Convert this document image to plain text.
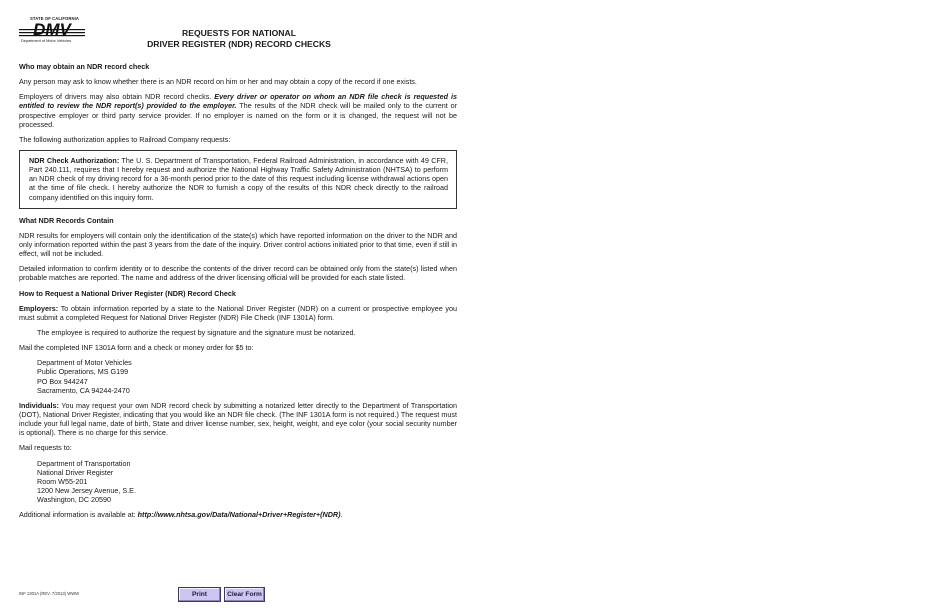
STATE OF CALIFORNIA
DMV
Department of Motor Vehicles
REQUESTS FOR NATIONAL
DRIVER REGISTER (NDR) RECORD CHECKS
Who may obtain an NDR record check

Any person may ask to know whether there is an NDR record on him or her and may obtain a copy of the record if one exists.

Employers of drivers may also obtain NDR record checks. Every driver or operator on whom an NDR file check is requested is entitled to review the NDR report(s) provided to the employer. The results of the NDR check will be mailed only to the current or prospective employer or third party service provider. If no employer is named on the form or it is changed, the request will not be processed.

The following authorization applies to Railroad Company requests:

NDR Check Authorization: The U. S. Department of Transportation, Federal Railroad Administration, in accordance with 49 CFR, Part 240.111, requires that I hereby request and authorize the National Highway Traffic Safety Administration (NHTSA) to perform an NDR check of my driving record for a 36-month period prior to the date of this request including license withdrawal actions open at the time of file check. I hereby authorize the NDR to furnish a copy of the results of this NDR check directly to the railroad company identified on this inquiry form.

What NDR Records Contain

NDR results for employers will contain only the identification of the state(s) which have reported information on the driver to the NDR and only information reported within the past 3 years from the date of the inquiry. Driver control actions initiated prior to that time, even if still in effect, will not be included.

Detailed information to confirm identity or to describe the contents of the driver record can be obtained only from the state(s) listed when probable matches are reported. The name and address of the driver licensing official will be provided for each state listed.

How to Request a National Driver Register (NDR) Record Check

Employers: To obtain information reported by a state to the National Driver Register (NDR) on a current or prospective employee you must submit a completed Request for National Driver Register (NDR) File Check (INF 1301A) form.

The employee is required to authorize the request by signature and the signature must be notarized.

Mail the completed INF 1301A form and a check or money order for $5 to:

Department of Motor Vehicles
Public Operations, MS G199
PO Box 944247
Sacramento, CA 94244-2470

Individuals: You may request your own NDR record check by submitting a notarized letter directly to the Department of Transportation (DOT), National Driver Register, indicating that you would like an NDR file check. (The INF 1301A form is not required.) The request must include your full legal name, date of birth, State and driver license number, sex, height, weight, and eye color (your social security number is optional). There is no charge for this service.

Mail requests to:

Department of Transportation
National Driver Register
Room W55-201
1200 New Jersey Avenue, S.E.
Washington, DC 20590

Additional information is available at: http://www.nhtsa.gov/Data/National+Driver+Register+(NDR).

INF 1301A (REV. 7/2013) WWW	Print	Clear Form
